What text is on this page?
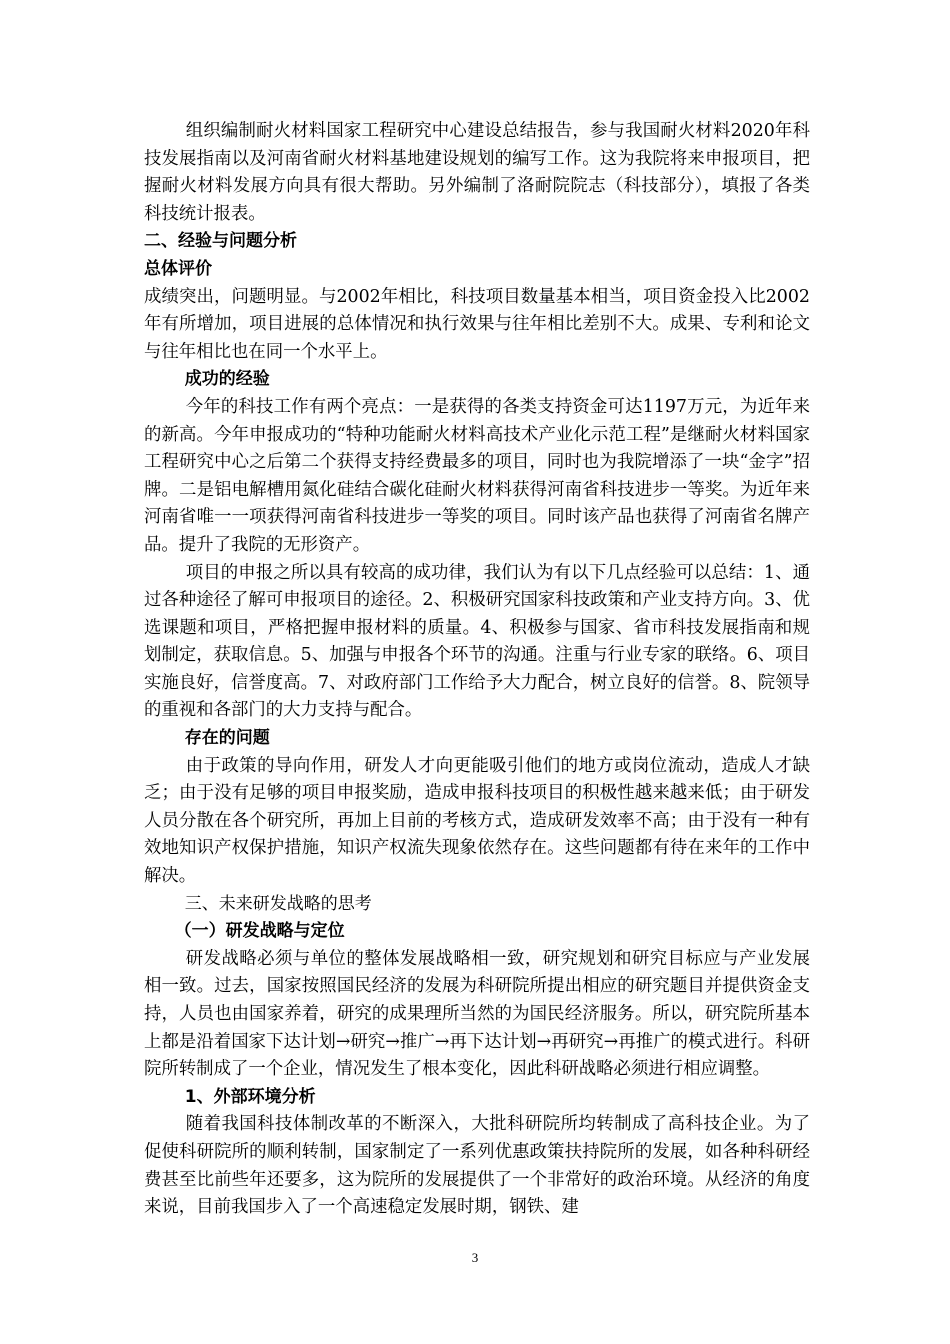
组织编制耐火材料国家工程研究中心建设总结报告，参与我国耐火材料2020年科技发展指南以及河南省耐火材料基地建设规划的编写工作。这为我院将来申报项目，把握耐火材料发展方向具有很大帮助。另外编制了洛耐院院志（科技部分），填报了各类科技统计报表。

二、经验与问题分析

总体评价

成绩突出，问题明显。与2002年相比，科技项目数量基本相当，项目资金投入比2002年有所增加，项目进展的总体情况和执行效果与往年相比差别不大。成果、专利和论文与往年相比也在同一个水平上。

成功的经验

今年的科技工作有两个亮点：一是获得的各类支持资金可达1197万元，为近年来的新高。今年申报成功的“特种功能耐火材料高技术产业化示范工程”是继耐火材料国家工程研究中心之后第二个获得支持经费最多的项目，同时也为我院增添了一块“金字”招牌。二是铝电解槽用氮化硅结合碳化硅耐火材料获得河南省科技进步一等奖。为近年来河南省唯一一项获得河南省科技进步一等奖的项目。同时该产品也获得了河南省名牌产品。提升了我院的无形资产。

项目的申报之所以具有较高的成功律，我们认为有以下几点经验可以总结：1、通过各种途径了解可申报项目的途径。2、积极研究国家科技政策和产业支持方向。3、优选课题和项目，严格把握申报材料的质量。4、积极参与国家、省市科技发展指南和规划制定，获取信息。5、加强与申报各个环节的沟通。注重与行业专家的联络。6、项目实施良好，信誉度高。7、对政府部门工作给予大力配合，树立良好的信誉。8、院领导的重视和各部门的大力支持与配合。

存在的问题

由于政策的导向作用，研发人才向更能吸引他们的地方或岗位流动，造成人才缺乏；由于没有足够的项目申报奖励，造成申报科技项目的积极性越来越来低；由于研发人员分散在各个研究所，再加上目前的考核方式，造成研发效率不高；由于没有一种有效地知识产权保护措施，知识产权流失现象依然存在。这些问题都有待在来年的工作中解决。

三、未来研发战略的思考

（一）研发战略与定位

研发战略必须与单位的整体发展战略相一致，研究规划和研究目标应与产业发展相一致。过去，国家按照国民经济的发展为科研院所提出相应的研究题目并提供资金支持，人员也由国家养着，研究的成果理所当然的为国民经济服务。所以，研究院所基本上都是沿着国家下达计划→研究→推广→再下达计划→再研究→再推广的模式进行。科研院所转制成了一个企业，情况发生了根本变化，因此科研战略必须进行相应调整。

1、外部环境分析

随着我国科技体制改革的不断深入，大批科研院所均转制成了高科技企业。为了促使科研院所的顺利转制，国家制定了一系列优惠政策扶持院所的发展，如各种科研经费甚至比前些年还要多，这为院所的发展提供了一个非常好的政治环境。从经济的角度来说，目前我国步入了一个高速稳定发展时期，钢铁、建

3
